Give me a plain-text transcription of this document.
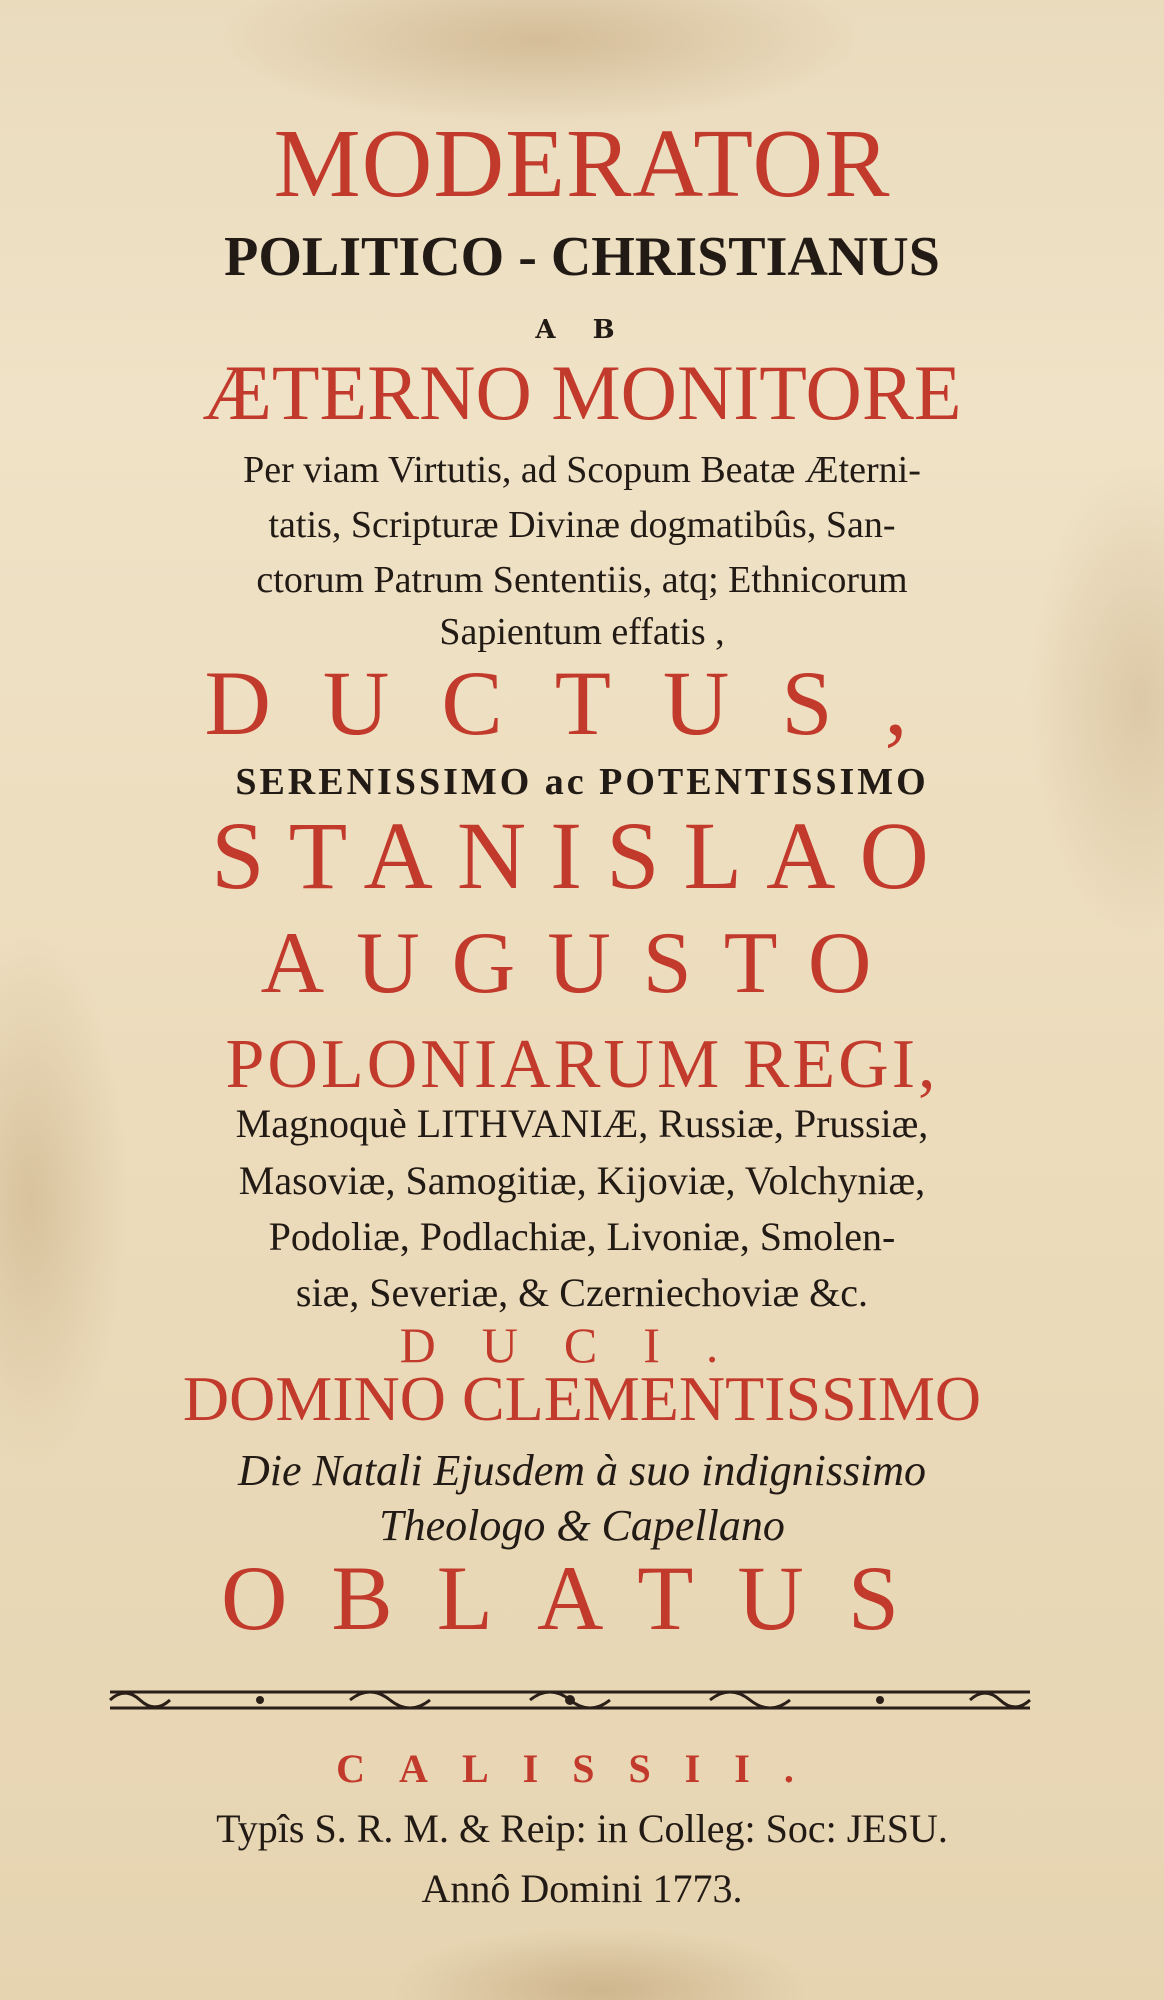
MODERATOR
POLITICO - CHRISTIANUS
A B
ÆTERNO MONITORE
Per viam Virtutis, ad Scopum Beatæ Æterni-
tatis, Scripturæ Divinæ dogmatibûs, San-
ctorum Patrum Sententiis, atq; Ethnicorum
Sapientum effatis ,
DUCTUS,
SERENISSIMO ac POTENTISSIMO
STANISLAO
AUGUSTO
POLONIARUM REGI,
Magnoquè LITHVANIÆ, Russiæ, Prussiæ,
Masoviæ, Samogitiæ, Kijoviæ, Volchyniæ,
Podoliæ, Podlachiæ, Livoniæ, Smolen-
siæ, Severiæ, & Czerniechoviæ &c.
DUCI.
DOMINO CLEMENTISSIMO
Die Natali Ejusdem à suo indignissimo
Theologo & Capellano
OBLATUS
CALISSII.
Typîs S. R. M. & Reip: in Colleg: Soc: JESU.
Annô Domini 1773.
